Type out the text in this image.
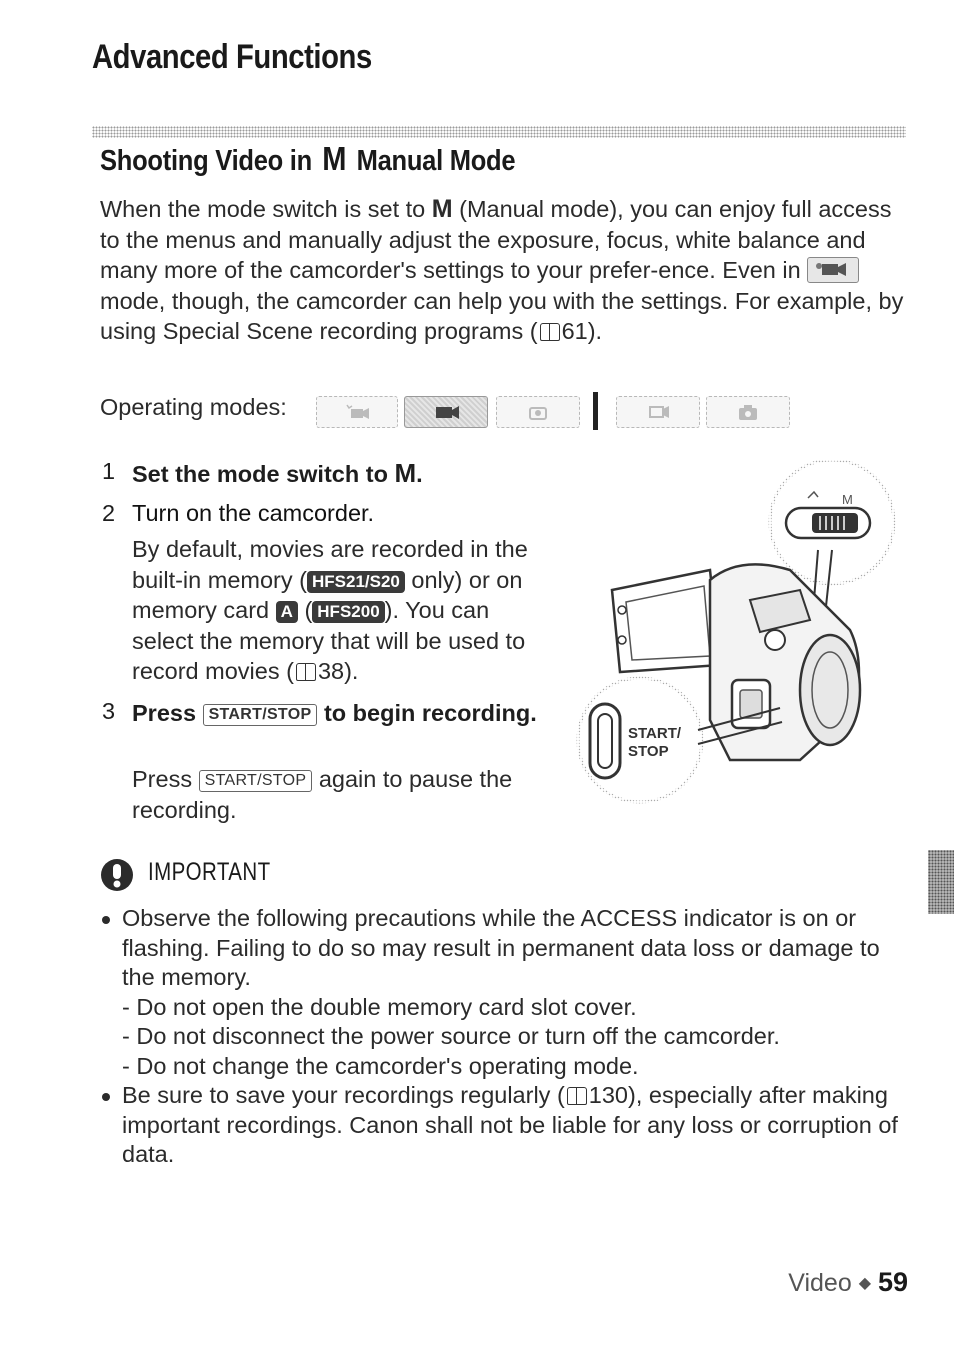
Advanced Functions
Shooting Video in M Manual Mode

When the mode switch is set to M (Manual mode), you can enjoy full access to the menus and manually adjust the exposure, focus, white balance and many more of the camcorder's settings to your prefer-ence. Even in  mode, though, the camcorder can help you with the settings. For example, by using Special Scene recording programs ( 61).

Operating modes:
1 Set the mode switch to M.
2 Turn on the camcorder.

By default, movies are recorded in the built-in memory ( HFS21/S20 only) or on memory card A ( HFS200 ). You can select the memory that will be used to record movies ( 38).

3 Press START/STOP to begin recording.

Press START/STOP again to pause the recording.

M
START/
STOP
IMPORTANT
Observe the following precautions while the ACCESS indicator is on or flashing. Failing to do so may result in permanent data loss or damage to the memory.
- Do not open the double memory card slot cover.
- Do not disconnect the power source or turn off the camcorder.
- Do not change the camcorder's operating mode.
Be sure to save your recordings regularly ( 130), especially after making important recordings. Canon shall not be liable for any loss or corruption of data.
Video ◆ 59
